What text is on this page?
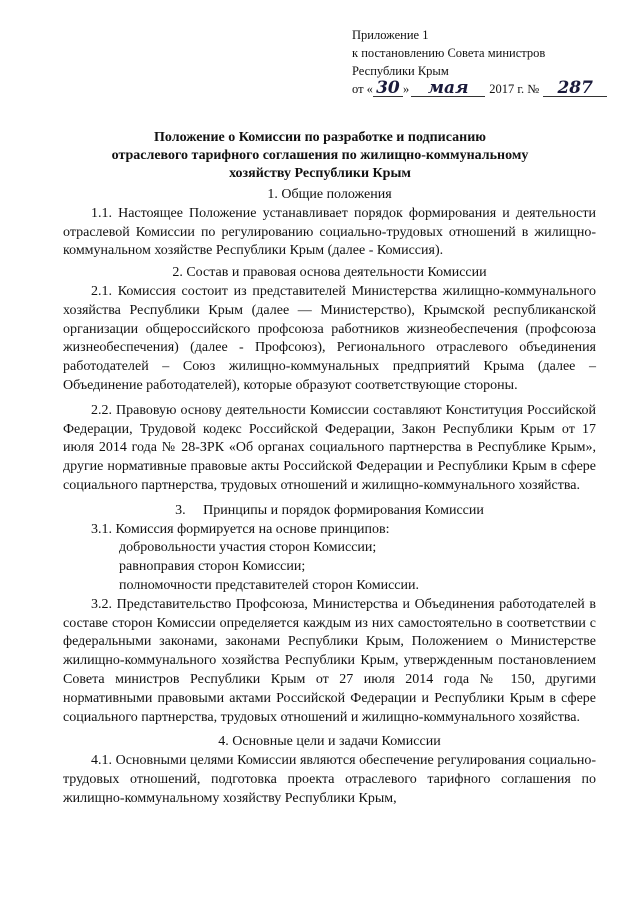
Приложение 1
к постановлению Совета министров
Республики Крым
от « 30 » мая 2017 г. № 287
Положение о Комиссии по разработке и подписанию
отраслевого тарифного соглашения по жилищно-коммунальному
хозяйству Республики Крым
1. Общие положения
1.1. Настоящее Положение устанавливает порядок формирования и деятельности отраслевой Комиссии по регулированию социально-трудовых отношений в жилищно-коммунальном хозяйстве Республики Крым (далее - Комиссия).
2. Состав и правовая основа деятельности Комиссии
2.1. Комиссия состоит из представителей Министерства жилищно-коммунального хозяйства Республики Крым (далее — Министерство), Крымской республиканской организации общероссийского профсоюза работников жизнеобеспечения (профсоюза жизнеобеспечения) (далее - Профсоюз), Регионального отраслевого объединения работодателей – Союз жилищно-коммунальных предприятий Крыма (далее – Объединение работодателей), которые образуют соответствующие стороны.
2.2. Правовую основу деятельности Комиссии составляют Конституция Российской Федерации, Трудовой кодекс Российской Федерации, Закон Республики Крым от 17 июля 2014 года № 28-ЗРК «Об органах социального партнерства в Республике Крым», другие нормативные правовые акты Российской Федерации и Республики Крым в сфере социального партнерства, трудовых отношений и жилищно-коммунального хозяйства.
3.     Принципы и порядок формирования Комиссии
3.1. Комиссия формируется на основе принципов:
добровольности участия сторон Комиссии;
равноправия сторон Комиссии;
полномочности представителей сторон Комиссии.
3.2. Представительство Профсоюза, Министерства и Объединения работодателей в составе сторон Комиссии определяется каждым из них самостоятельно в соответствии с федеральными законами, законами Республики Крым, Положением о Министерстве жилищно-коммунального хозяйства Республики Крым, утвержденным постановлением Совета министров Республики Крым от 27 июля 2014 года № 150, другими нормативными правовыми актами Российской Федерации и Республики Крым в сфере социального партнерства, трудовых отношений и жилищно-коммунального хозяйства.
4. Основные цели и задачи Комиссии
4.1. Основными целями Комиссии являются обеспечение регулирования социально-трудовых отношений, подготовка проекта отраслевого тарифного соглашения по жилищно-коммунальному хозяйству Республики Крым,
